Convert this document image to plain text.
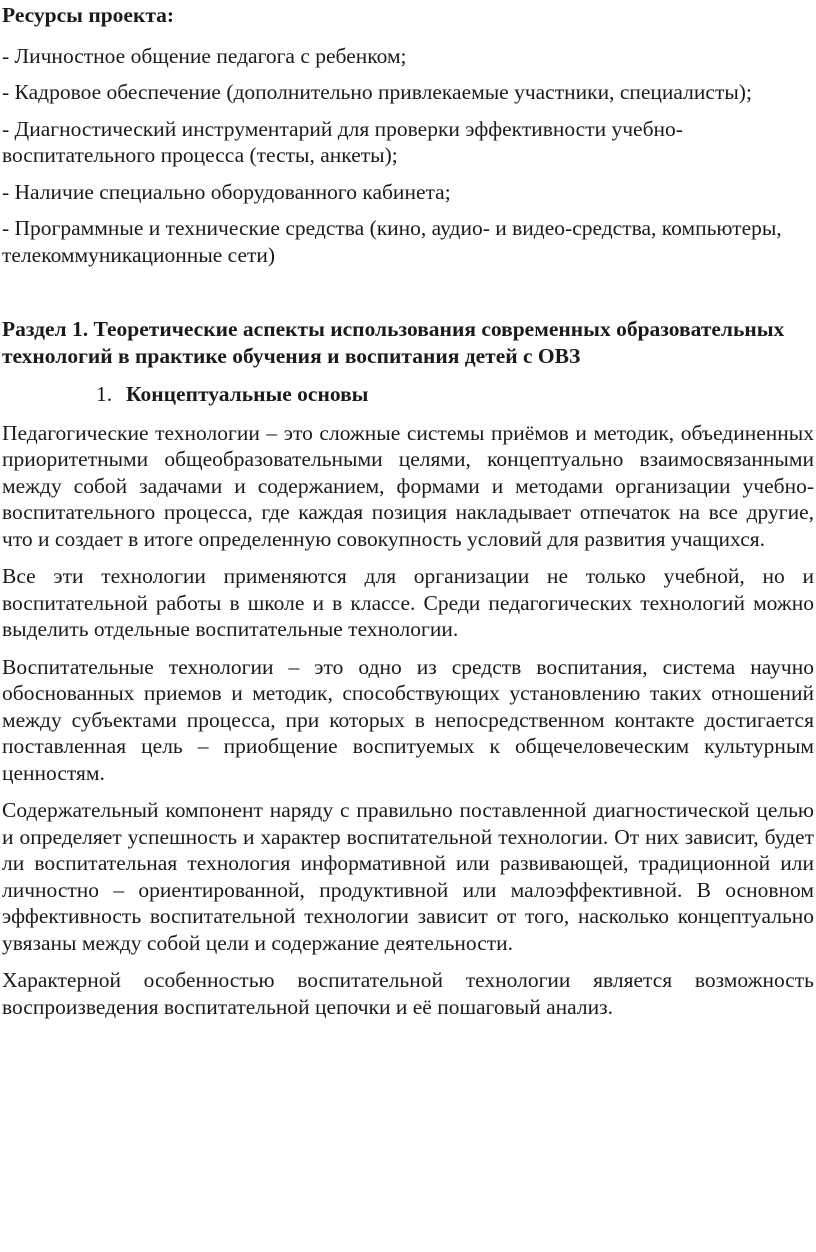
Ресурсы проекта:
- Личностное общение педагога с ребенком;
- Кадровое обеспечение (дополнительно привлекаемые участники, специалисты);
- Диагностический инструментарий для проверки эффективности учебно-воспитательного процесса (тесты, анкеты);
- Наличие специально оборудованного кабинета;
- Программные и технические средства (кино, аудио- и видео-средства, компьютеры, телекоммуникационные сети)
Раздел 1. Теоретические аспекты использования современных образовательных технологий в практике обучения и воспитания детей с ОВЗ
1. Концептуальные основы
Педагогические технологии – это сложные системы приёмов и методик, объединенных приоритетными общеобразовательными целями, концептуально взаимосвязанными между собой задачами и содержанием, формами и методами организации учебно-воспитательного процесса, где каждая позиция накладывает отпечаток на все другие, что и создает в итоге определенную совокупность условий для развития учащихся.
Все эти технологии применяются для организации не только учебной, но и воспитательной работы в школе и в классе. Среди педагогических технологий можно выделить отдельные воспитательные технологии.
Воспитательные технологии – это одно из средств воспитания, система научно обоснованных приемов и методик, способствующих установлению таких отношений между субъектами процесса, при которых в непосредственном контакте достигается поставленная цель – приобщение воспитуемых к общечеловеческим культурным ценностям.
Содержательный компонент наряду с правильно поставленной диагностической целью и определяет успешность и характер воспитательной технологии. От них зависит, будет ли воспитательная технология информативной или развивающей, традиционной или личностно – ориентированной, продуктивной или малоэффективной. В основном эффективность воспитательной технологии зависит от того, насколько концептуально увязаны между собой цели и содержание деятельности.
Характерной особенностью воспитательной технологии является возможность воспроизведения воспитательной цепочки и её пошаговый анализ.
